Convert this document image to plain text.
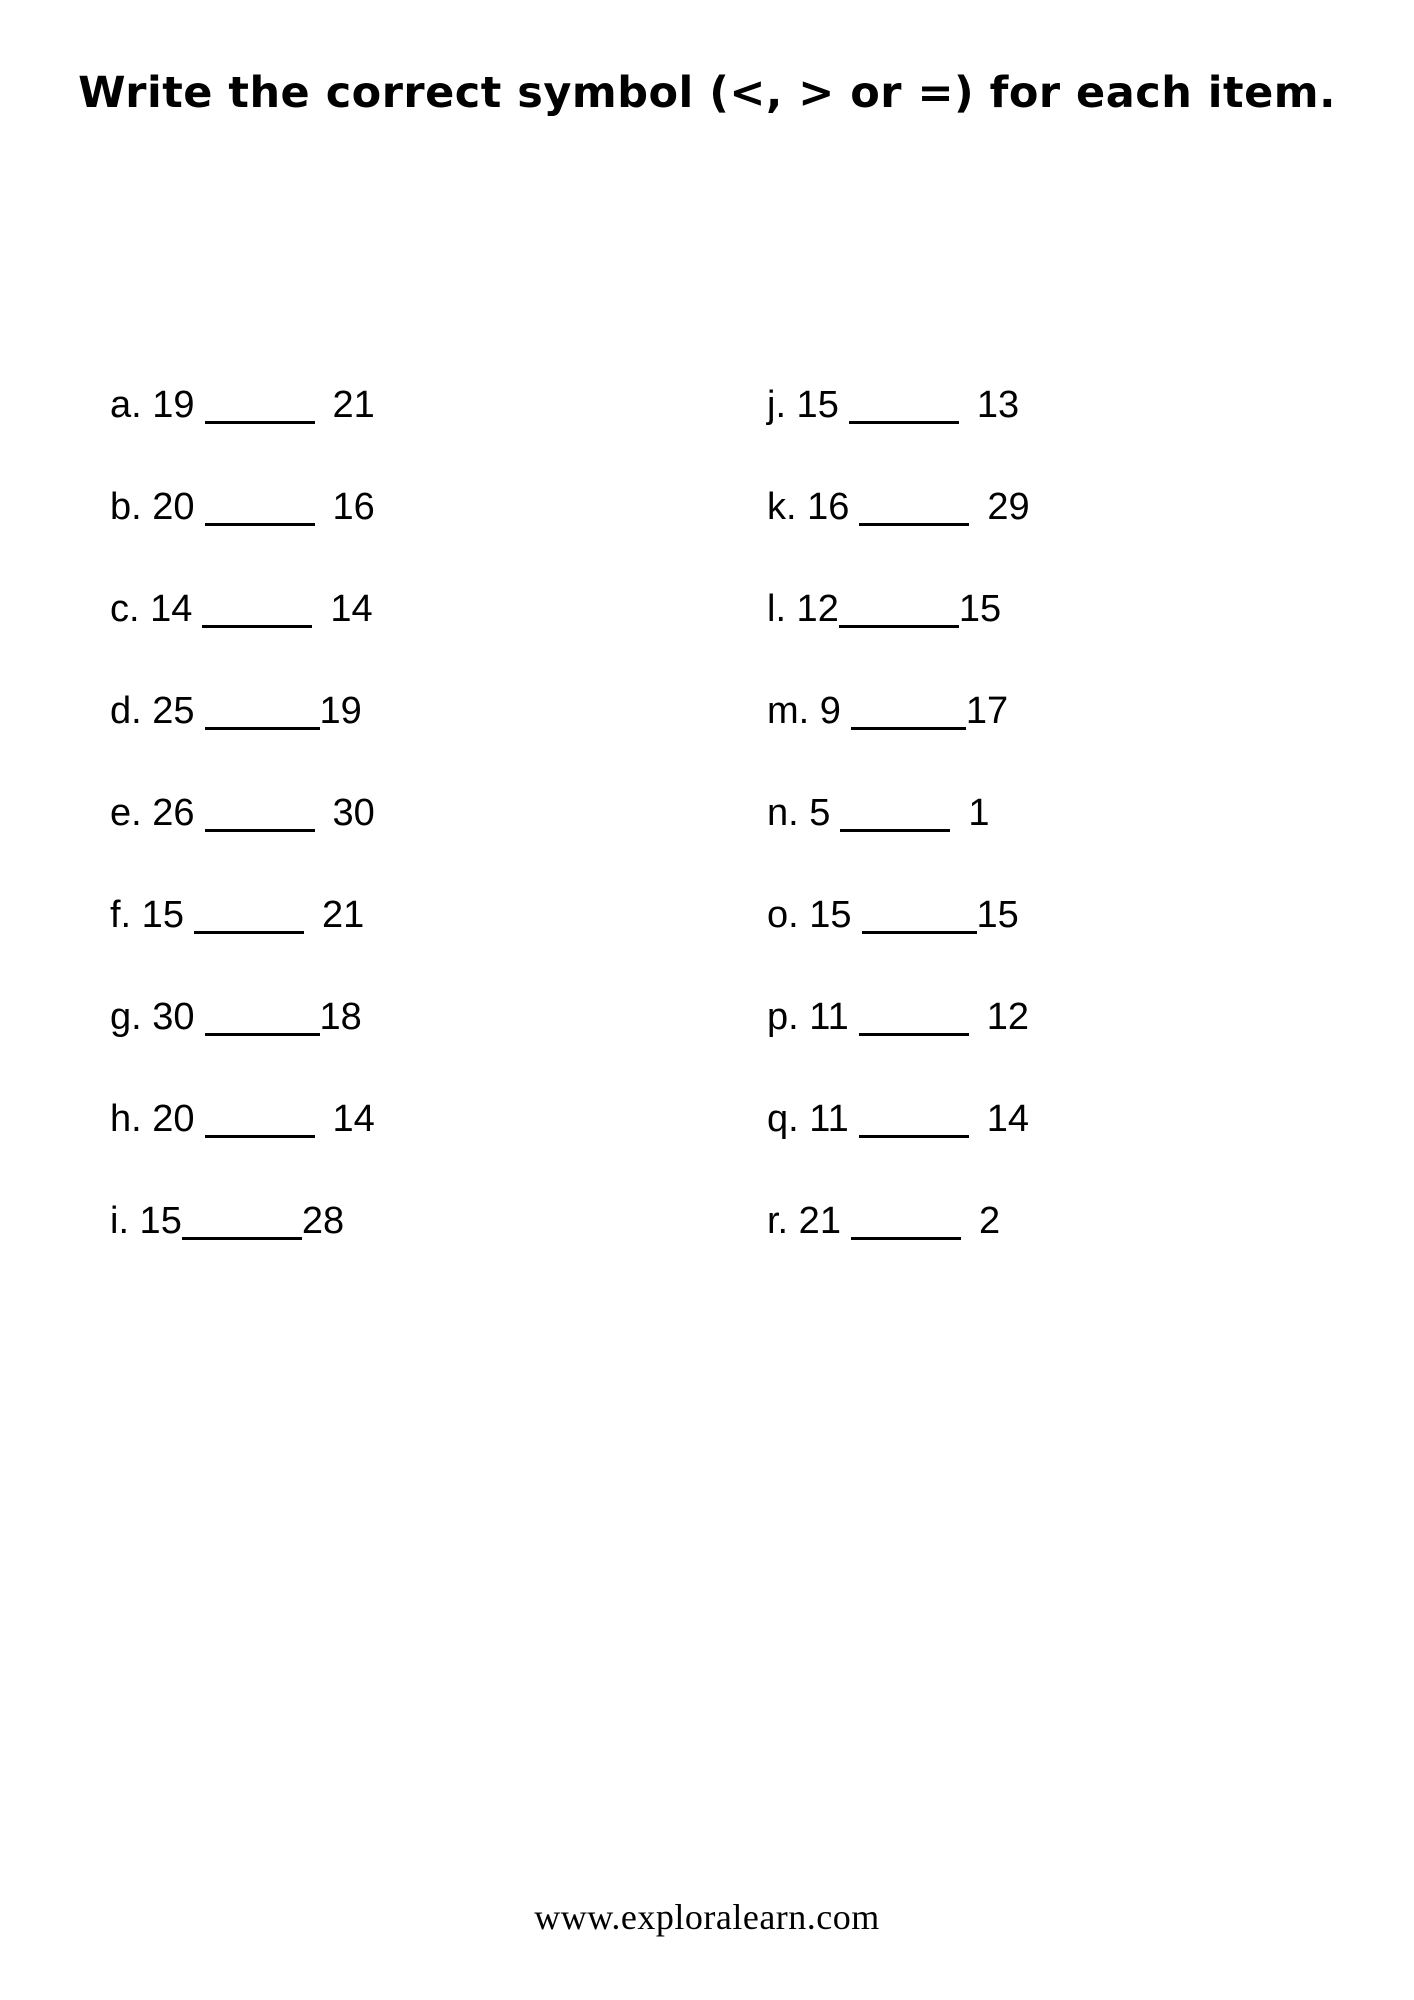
Write the correct symbol (<, > or =) for each item.
a. 19	21
b. 20	16
c. 14	14
d. 25	19
e. 26	30
f. 15	21
g. 30	18
h. 20	14
i. 15	28
j. 15	13
k. 16	29
l. 12	15
m. 9	17
n. 5	1
o. 15	15
p. 11	12
q. 11	14
r. 21	2
www.exploralearn.com
